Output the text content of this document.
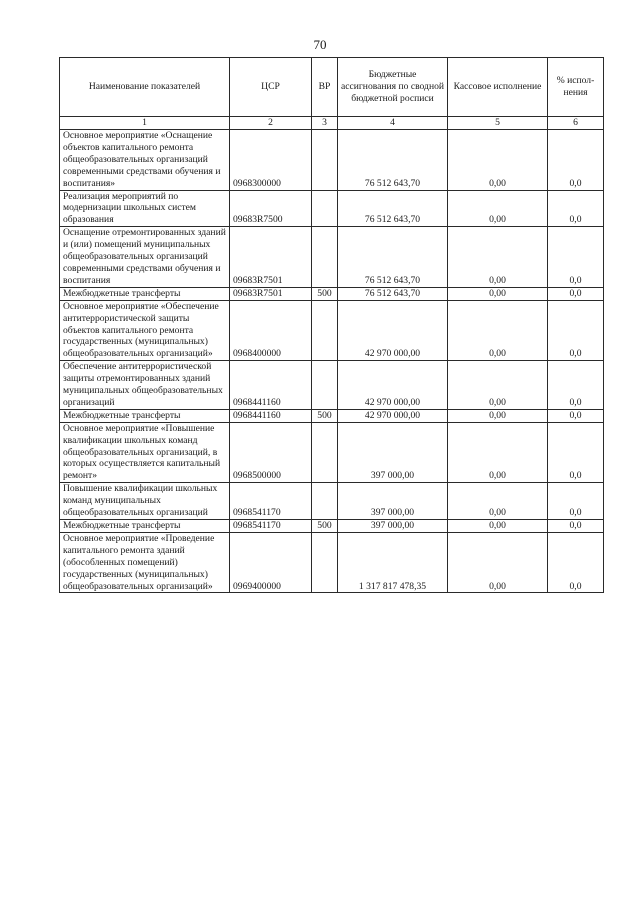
70
Наименование показателей	ЦСР	ВР	Бюджетные ассигнования по сводной бюджетной росписи	Кассовое исполнение	% испол-нения
1	2	3	4	5	6
Основное мероприятие «Оснащение объектов капитального ремонта общеобразовательных организаций современными средствами обучения и воспитания»	0968300000		76 512 643,70	0,00	0,0
Реализация мероприятий по модернизации школьных систем образования	09683R7500		76 512 643,70	0,00	0,0
Оснащение отремонтированных зданий и (или) помещений муниципальных общеобразовательных организаций современными средствами обучения и воспитания	09683R7501		76 512 643,70	0,00	0,0
Межбюджетные трансферты	09683R7501	500	76 512 643,70	0,00	0,0
Основное мероприятие «Обеспечение антитеррористической защиты объектов капитального ремонта государственных (муниципальных) общеобразовательных организаций»	0968400000		42 970 000,00	0,00	0,0
Обеспечение антитеррористической защиты отремонтированных зданий муниципальных общеобразовательных организаций	0968441160		42 970 000,00	0,00	0,0
Межбюджетные трансферты	0968441160	500	42 970 000,00	0,00	0,0
Основное мероприятие «Повышение квалификации школьных команд общеобразовательных организаций, в которых осуществляется капитальный ремонт»	0968500000		397 000,00	0,00	0,0
Повышение квалификации школьных команд муниципальных общеобразовательных организаций	0968541170		397 000,00	0,00	0,0
Межбюджетные трансферты	0968541170	500	397 000,00	0,00	0,0
Основное мероприятие «Проведение капитального ремонта зданий (обособленных помещений) государственных (муниципальных) общеобразовательных организаций»	0969400000		1 317 817 478,35	0,00	0,0
